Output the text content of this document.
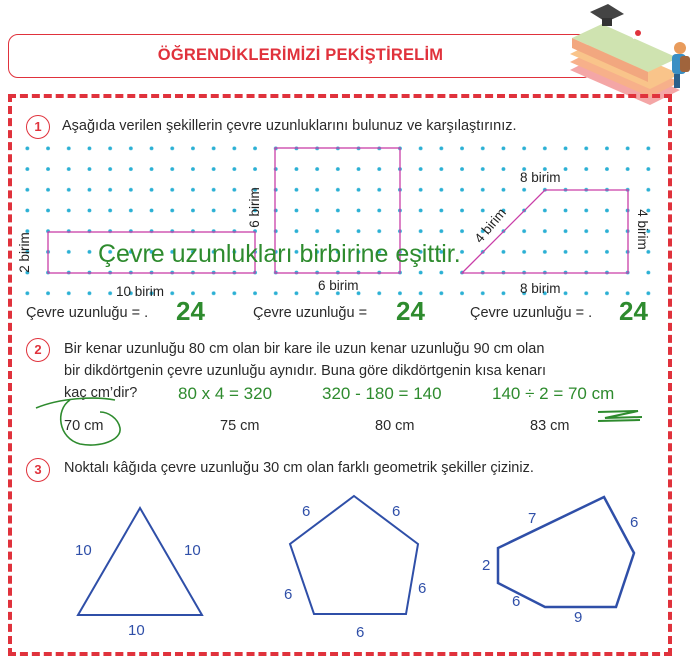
ÖĞRENDİKLERİMİZİ PEKİŞTİRELİM
1	Aşağıda verilen şekillerin çevre uzunluklarını bulunuz ve karşılaştırınız.
2 birim
10 birim
6 birim
6 birim
8 birim
4 birim	4 birim
8 birim
Çevre uzunlukları birbirine eşittir.
Çevre uzunluğu = . 24	Çevre uzunluğu = 24	Çevre uzunluğu = . 24
2	Bir kenar uzunluğu 80 cm olan bir kare ile uzun kenar uzunluğu 90 cm olan
bir dikdörtgenin çevre uzunluğu aynıdır. Buna göre dikdörtgenin kısa kenarı
kaç cm’dir?	80 x 4 = 320	320 - 180 = 140	140 ÷ 2 = 70 cm
70 cm	75 cm	80 cm	83 cm
3	Noktalı kâğıda çevre uzunluğu 30 cm olan farklı geometrik şekiller çiziniz.
10	10
10
6	6
6	6
6
7	6
2
6
9
